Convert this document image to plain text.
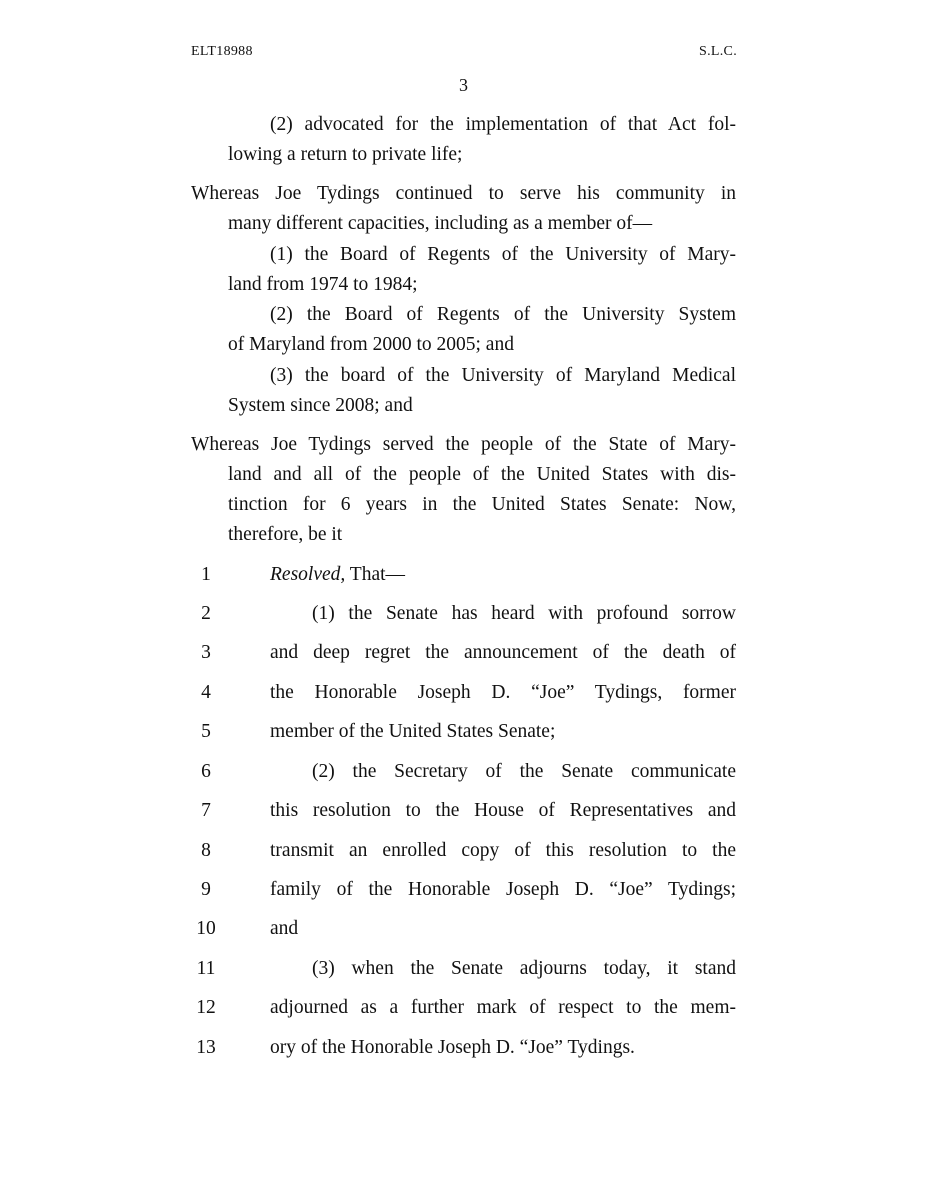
ELT18988	S.L.C.
3
(2) advocated for the implementation of that Act fol-
lowing a return to private life;
Whereas Joe Tydings continued to serve his community in
many different capacities, including as a member of—
(1) the Board of Regents of the University of Mary-
land from 1974 to 1984;
(2) the Board of Regents of the University System
of Maryland from 2000 to 2005; and
(3) the board of the University of Maryland Medical
System since 2008; and
Whereas Joe Tydings served the people of the State of Mary-
land and all of the people of the United States with dis-
tinction for 6 years in the United States Senate: Now,
therefore, be it
1	Resolved, That—
2	(1) the Senate has heard with profound sorrow
3	and deep regret the announcement of the death of
4	the Honorable Joseph D. “Joe” Tydings, former
5	member of the United States Senate;
6	(2) the Secretary of the Senate communicate
7	this resolution to the House of Representatives and
8	transmit an enrolled copy of this resolution to the
9	family of the Honorable Joseph D. “Joe” Tydings;
10	and
11	(3) when the Senate adjourns today, it stand
12	adjourned as a further mark of respect to the mem-
13	ory of the Honorable Joseph D. “Joe” Tydings.
